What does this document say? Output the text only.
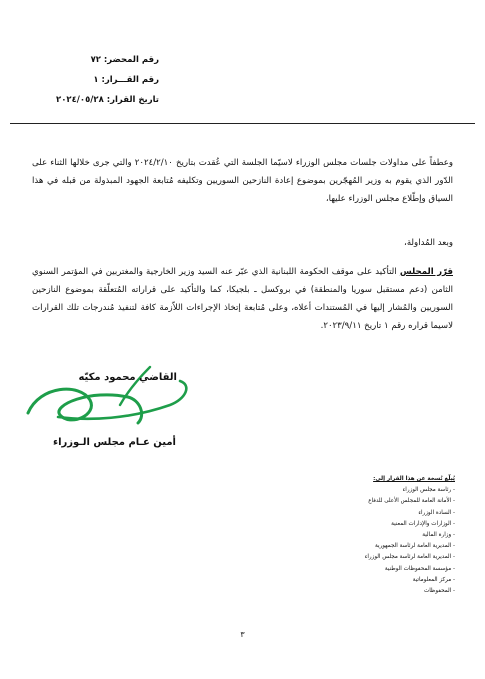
رقم المحضر: ٧٢
رقم القـــرار: ١
تاريخ القرار: ٢٠٢٤/٠٥/٢٨
وعطفاً على مداولات جلسات مجلس الوزراء لاسيّما الجلسة التي عُقدت بتاريخ ٢٠٢٤/٢/١٠ والتي جرى خلالها الثناء على الدّور الذي يقوم به وزير المُهجّرين بموضوع إعادة النازحين السوريين وتكليفه مُتابعة الجهود المبذولة من قبله في هذا السياق وإطّلاع مجلس الوزراء عليها،
وبعد المُداولة،
قرّر المجلس التأكيد على موقف الحكومة اللبنانية الذي عبّر عنه السيد وزير الخارجية والمغتربين في المؤتمر السنوي الثامن (دعم مستقبل سوريا والمنطقة) في بروكسل ـ بلجيكا، كما والتأكيد على قراراته المُتعلّقة بموضوع النازحين السوريين والمُشار إليها في المُستندات أعلاه، وعلى مُتابعة إتخاذ الإجراءات اللاّزمة كافة لتنفيذ مُندرجات تلك القرارات لاسيما قراره رقم ١ تاريخ ٢٠٢٣/٩/١١.
القاضي محمود مكيّه
أمين عـام مجلس الـوزراء
يُبلّغ نُسخة عن هذا القرار إلى:
- رئاسة مجلس الوزراء
- الأمانة العامة للمجلس الأعلى للدفاع
- السادة الوزراء
- الوزارات والإدارات المعنية
- وزارة المالية
- المديرية العامة لرئاسة الجمهورية
- المديرية العامة لرئاسة مجلس الوزراء
- مؤسسة المحفوظات الوطنية
- مركز المعلوماتية
- المحفوظات
٣
